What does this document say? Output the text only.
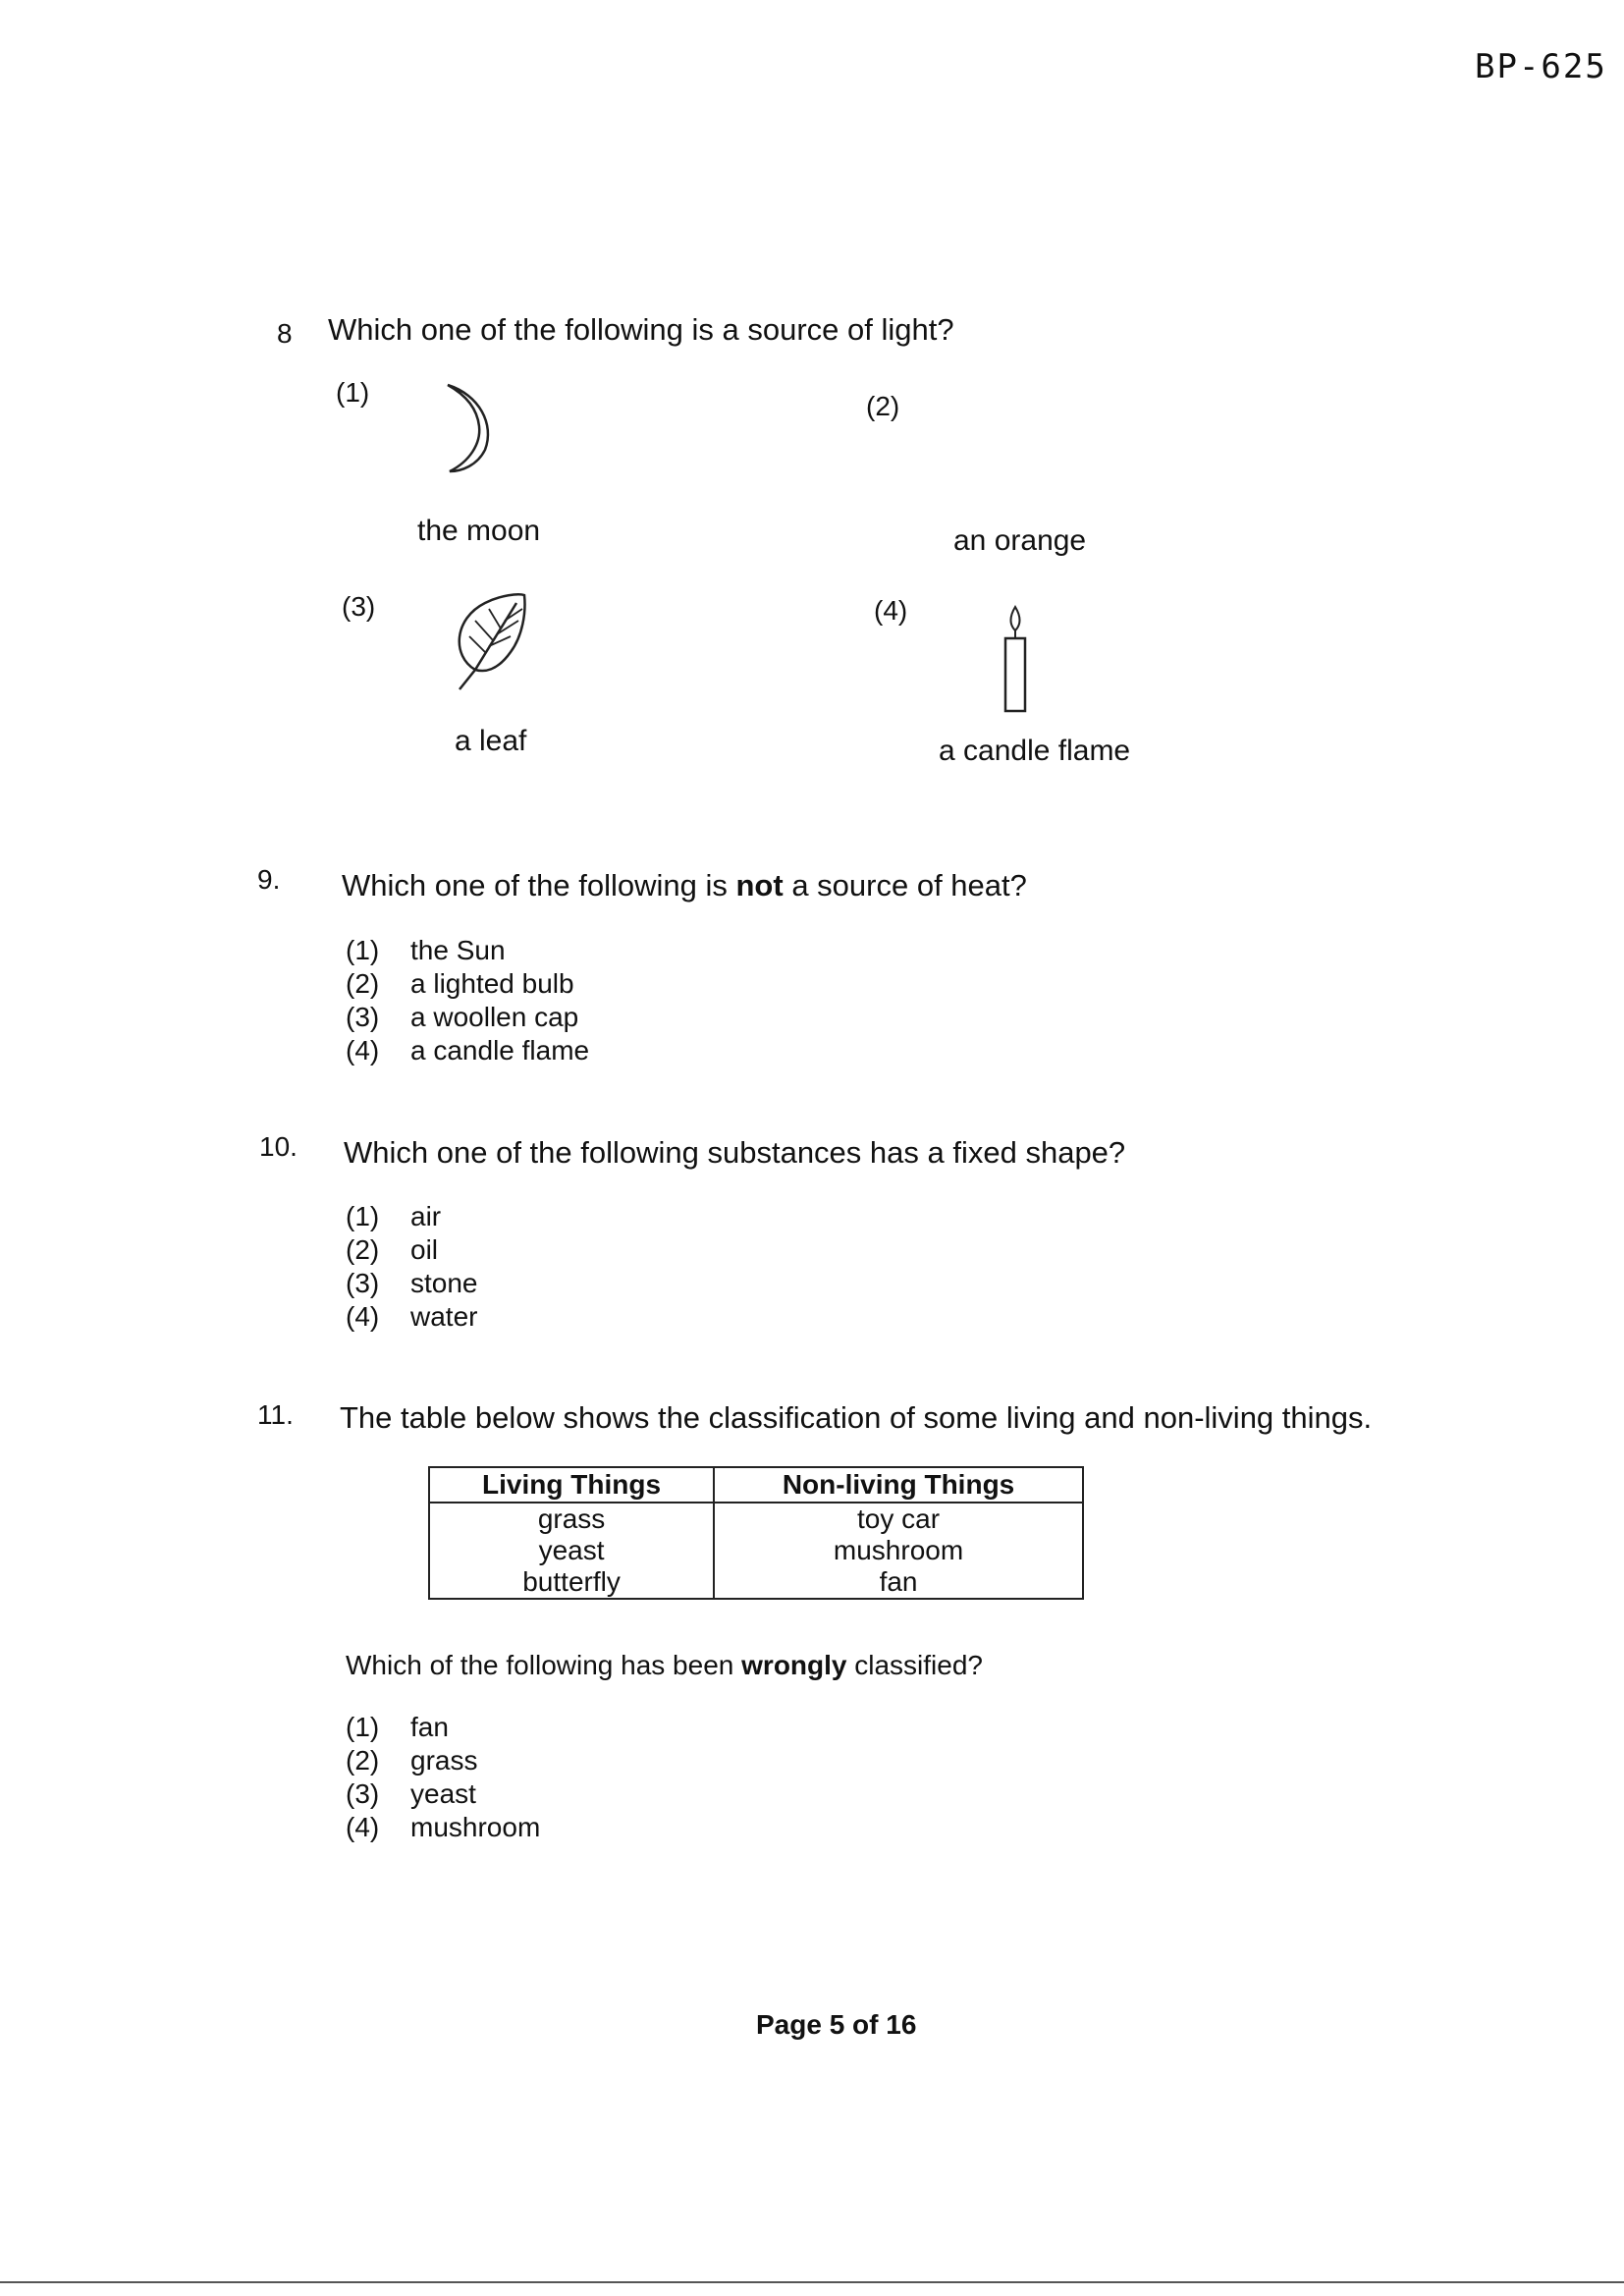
BP-625
8 Which one of the following is a source of light?
(1)
the moon
(2)
an orange
(3)
a leaf
(4)
a candle flame
9. Which one of the following is not a source of heat?
(1)	the Sun
(2)	a lighted bulb
(3)	a woollen cap
(4)	a candle flame
10. Which one of the following substances has a fixed shape?
(1)	air
(2)	oil
(3)	stone
(4)	water
11. The table below shows the classification of some living and non-living things.
Living Things	Non-living Things
grass	toy car
yeast	mushroom
butterfly	fan
Which of the following has been wrongly classified?
(1)	fan
(2)	grass
(3)	yeast
(4)	mushroom
Page 5 of 16
